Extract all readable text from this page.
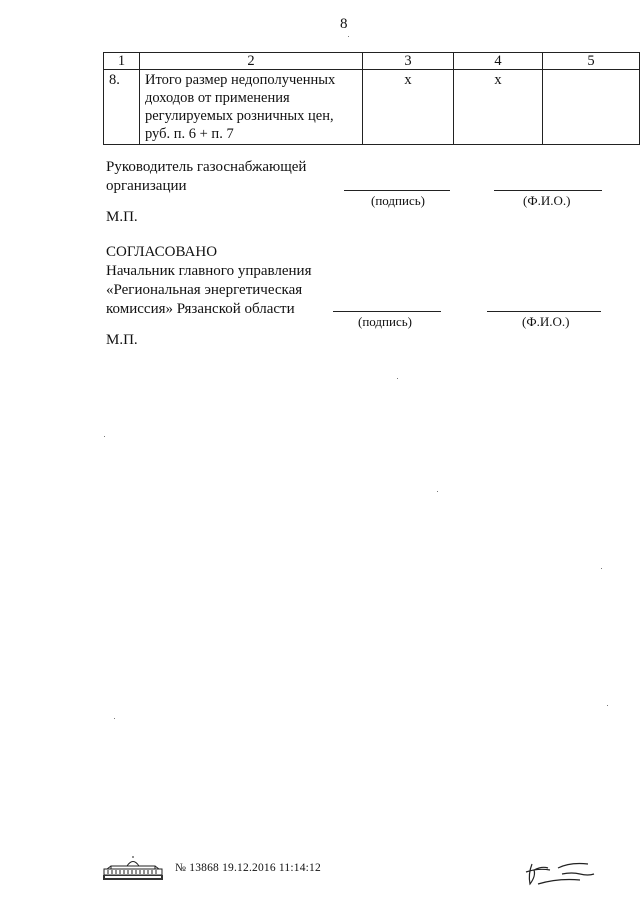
8
1	2	3	4	5
8.	Итого размер недополученных
доходов от применения
регулируемых розничных цен,
руб. п. 6 + п. 7	х	х	
Руководитель газоснабжающей
организации
(подпись)	(Ф.И.О.)
М.П.
СОГЛАСОВАНО
Начальник главного управления
«Региональная энергетическая
комиссия» Рязанской области
(подпись)	(Ф.И.О.)
М.П.
№ 13868 19.12.2016 11:14:12
